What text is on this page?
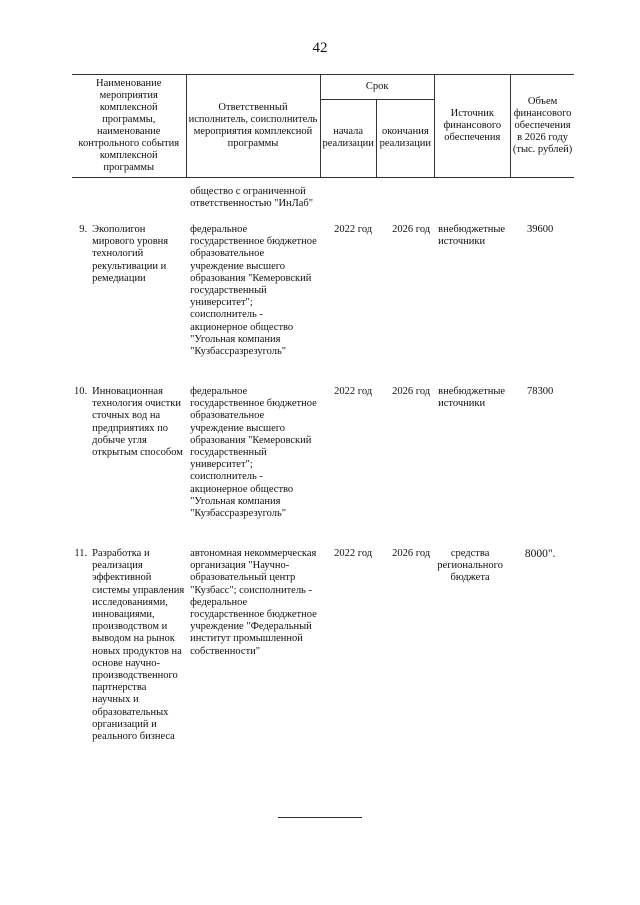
42
Наименование мероприятия комплексной программы, наименование контрольного события комплексной программы	Ответственный исполнитель, соисполнитель мероприятия комплексной программы	Срок		Источник финансового обеспечения	Объем финансового обеспечения в 2026 году (тыс. рублей)
		начала реализации	окончания реализации		
		общество с ограниченной ответственностью "ИнЛаб"				
9.	Экополигон мирового уровня технологий рекультивации и ремедиации	федеральное государственное бюджетное образовательное учреждение высшего образования "Кемеровский государственный университет"; соисполнитель - акционерное общество "Угольная компания "Кузбассразрезуголь"	2022 год	2026 год	внебюджетные источники	39600
10.	Инновационная технология очистки сточных вод на предприятиях по добыче угля открытым способом	федеральное государственное бюджетное образовательное учреждение высшего образования "Кемеровский государственный университет"; соисполнитель - акционерное общество "Угольная компания "Кузбассразрезуголь"	2022 год	2026 год	внебюджетные источники	78300
11.	Разработка и реализация эффективной системы управления исследованиями, инновациями, производством и выводом на рынок новых продуктов на основе научно-производственного партнерства научных и образовательных организаций и реального бизнеса	автономная некоммерческая организация "Научно-образовательный центр "Кузбасс"; соисполнитель - федеральное государственное бюджетное учреждение "Федеральный институт промышленной собственности"	2022 год	2026 год	средства регионального бюджета	8000".
